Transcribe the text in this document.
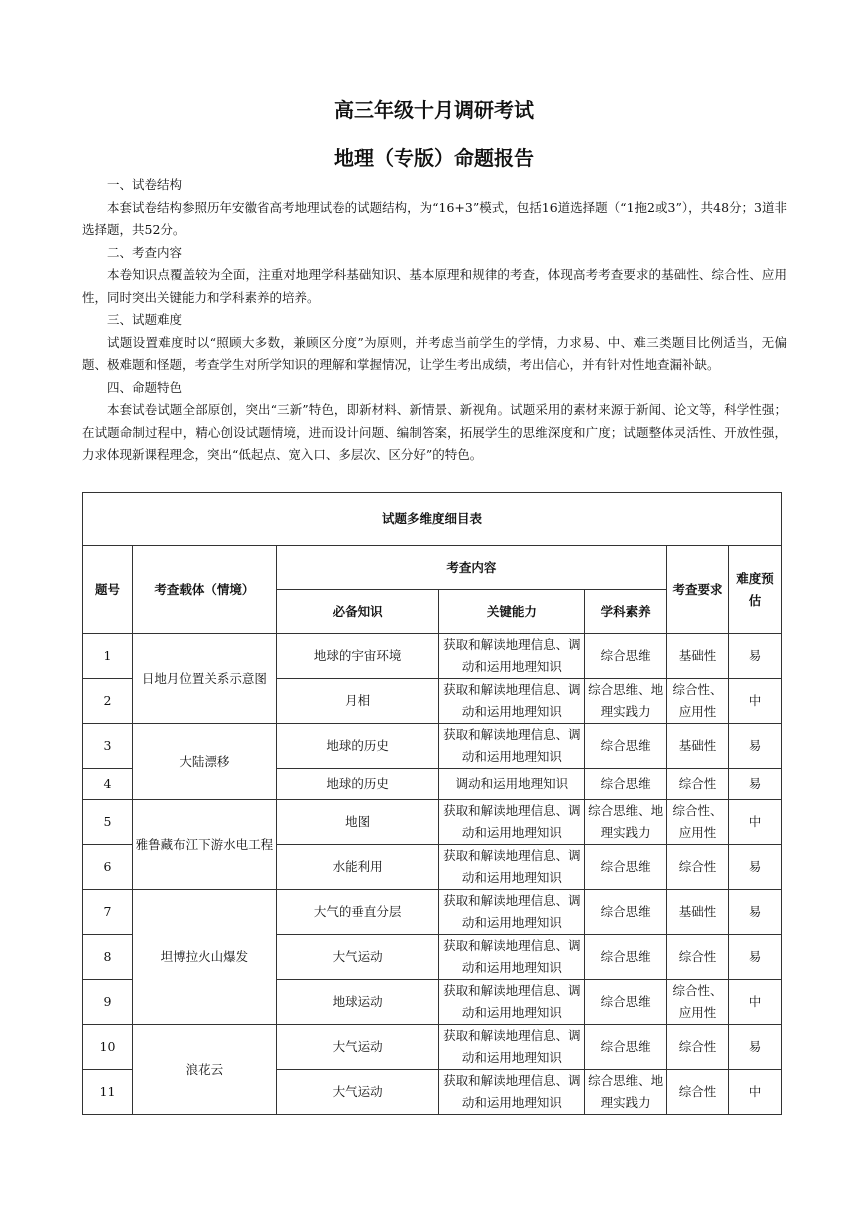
高三年级十月调研考试
地理（专版）命题报告

一、试卷结构

本套试卷结构参照历年安徽省高考地理试卷的试题结构，为“16+3”模式，包括16道选择题（“1拖2或3”），共48分；3道非选择题，共52分。

二、考查内容

本卷知识点覆盖较为全面，注重对地理学科基础知识、基本原理和规律的考查，体现高考考查要求的基础性、综合性、应用性，同时突出关键能力和学科素养的培养。

三、试题难度

试题设置难度时以“照顾大多数，兼顾区分度”为原则，并考虑当前学生的学情，力求易、中、难三类题目比例适当，无偏题、极难题和怪题，考查学生对所学知识的理解和掌握情况，让学生考出成绩，考出信心，并有针对性地查漏补缺。

四、命题特色

本套试卷试题全部原创，突出“三新”特色，即新材料、新情景、新视角。试题采用的素材来源于新闻、论文等，科学性强；在试题命制过程中，精心创设试题情境，进而设计问题、编制答案，拓展学生的思维深度和广度；试题整体灵活性、开放性强，力求体现新课程理念，突出“低起点、宽入口、多层次、区分好”的特色。

试题多维度细目表						
题号	考查载体（情境）	考查内容			考查要求	难度预估
		必备知识	关键能力	学科素养		
1	日地月位置关系示意图	地球的宇宙环境	获取和解读地理信息、调动和运用地理知识	综合思维	基础性	易
2		月相	获取和解读地理信息、调动和运用地理知识	综合思维、地理实践力	综合性、应用性	中
3	大陆漂移	地球的历史	获取和解读地理信息、调动和运用地理知识	综合思维	基础性	易
4		地球的历史	调动和运用地理知识	综合思维	综合性	易
5	雅鲁藏布江下游水电工程	地图	获取和解读地理信息、调动和运用地理知识	综合思维、地理实践力	综合性、应用性	中
6		水能利用	获取和解读地理信息、调动和运用地理知识	综合思维	综合性	易
7	坦博拉火山爆发	大气的垂直分层	获取和解读地理信息、调动和运用地理知识	综合思维	基础性	易
8		大气运动	获取和解读地理信息、调动和运用地理知识	综合思维	综合性	易
9		地球运动	获取和解读地理信息、调动和运用地理知识	综合思维	综合性、应用性	中
10	浪花云	大气运动	获取和解读地理信息、调动和运用地理知识	综合思维	综合性	易
11		大气运动	获取和解读地理信息、调动和运用地理知识	综合思维、地理实践力	综合性	中
